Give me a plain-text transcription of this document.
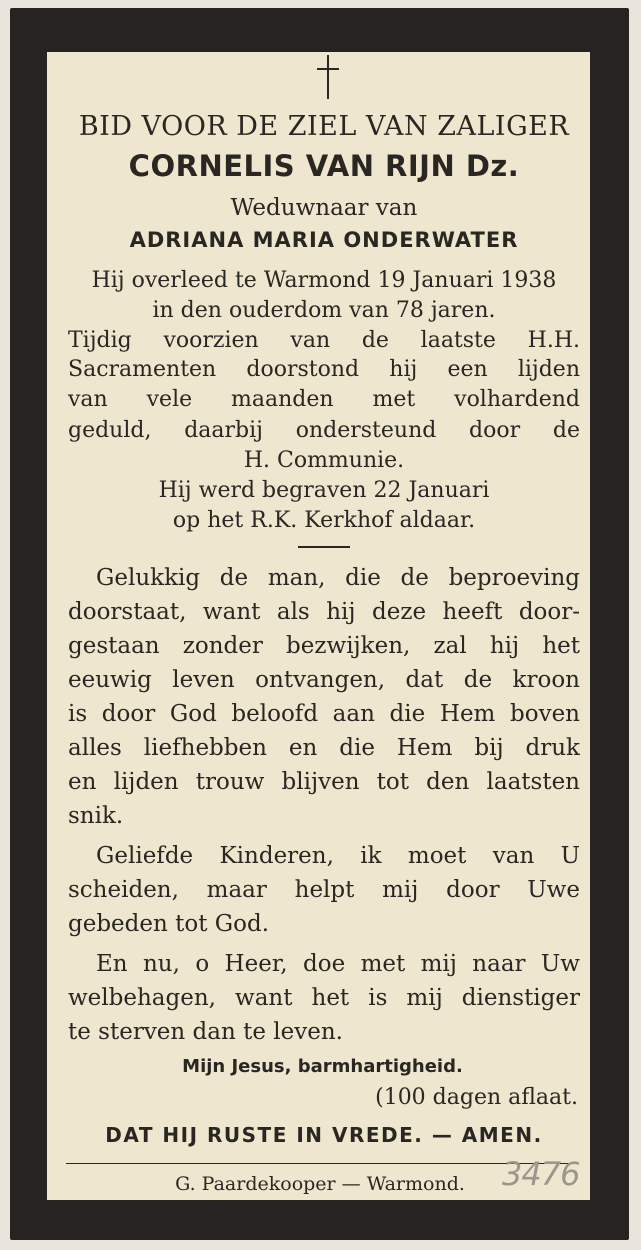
BID VOOR DE ZIEL VAN ZALIGER
CORNELIS VAN RIJN Dz.
Weduwnaar van
ADRIANA MARIA ONDERWATER
Hij overleed te Warmond 19 Januari 1938
in den ouderdom van 78 jaren.
Tijdig voorzien van de laatste H.H.
Sacramenten doorstond hij een lijden
van vele maanden met volhardend
geduld, daarbij ondersteund door de
H. Communie.
Hij werd begraven 22 Januari
op het R.K. Kerkhof aldaar.
Gelukkig de man, die de beproeving
doorstaat, want als hij deze heeft door-
gestaan zonder bezwijken, zal hij het
eeuwig leven ontvangen, dat de kroon
is door God beloofd aan die Hem boven
alles liefhebben en die Hem bij druk
en lijden trouw blijven tot den laatsten
snik.
Geliefde Kinderen, ik moet van U
scheiden, maar helpt mij door Uwe
gebeden tot God.
En nu, o Heer, doe met mij naar Uw
welbehagen, want het is mij dienstiger
te sterven dan te leven.
Mijn Jesus, barmhartigheid.
(100 dagen aflaat.
DAT HIJ RUSTE IN VREDE. — AMEN.
G. Paardekooper — Warmond.	3476
